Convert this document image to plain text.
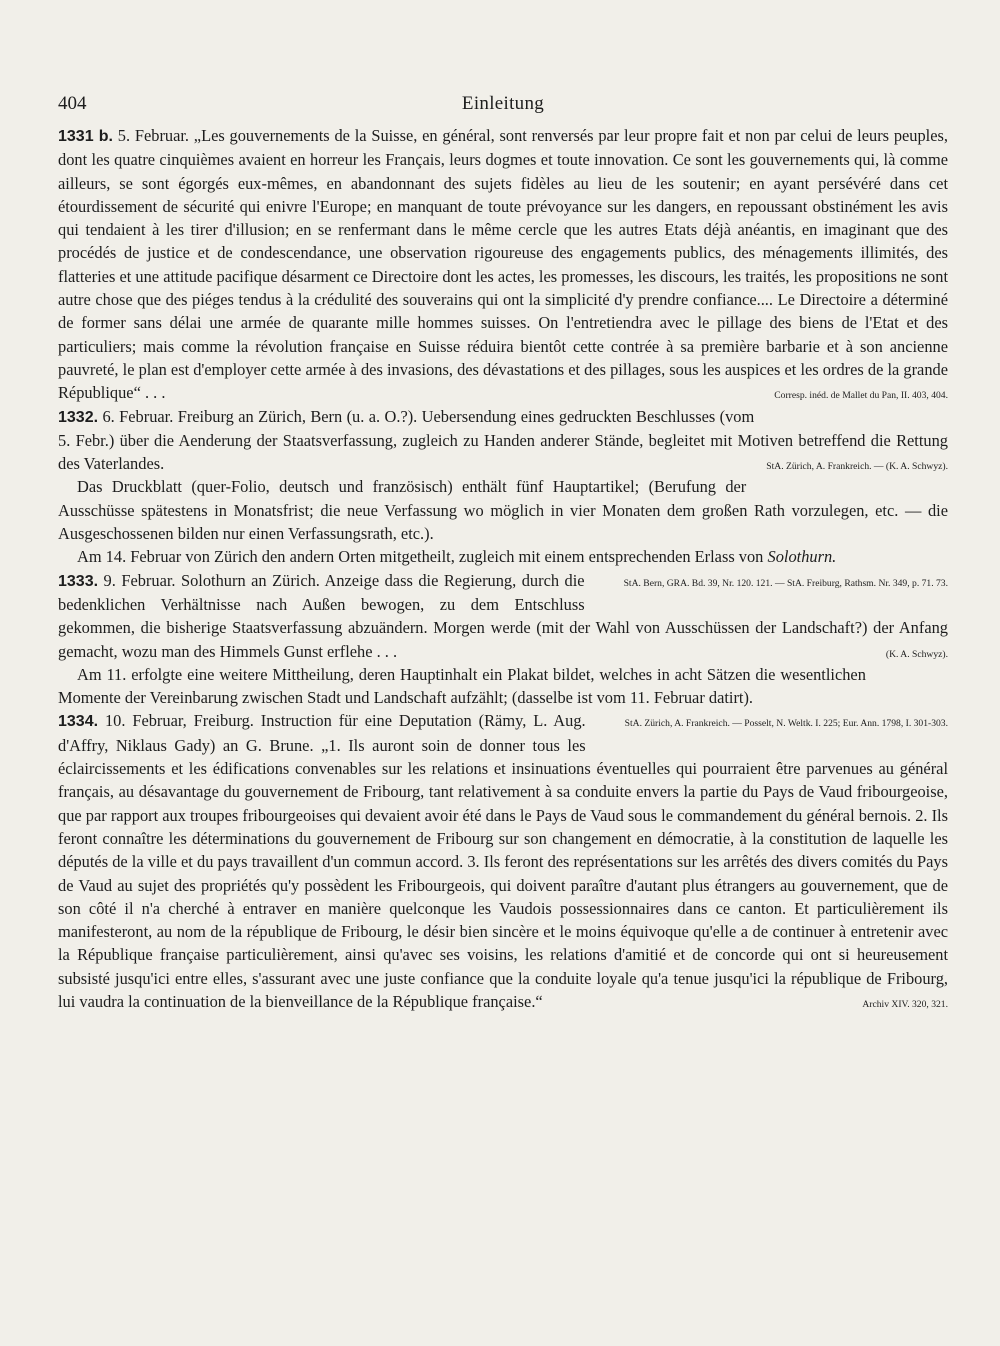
404	Einleitung

1331 b. 5. Februar. „Les gouvernements de la Suisse, en général, sont renversés par leur propre fait et non par celui de leurs peuples, dont les quatre cinquièmes avaient en horreur les Français, leurs dogmes et toute innovation. Ce sont les gouvernements qui, là comme ailleurs, se sont égorgés eux-mêmes, en abandonnant des sujets fidèles au lieu de les soutenir; en ayant persévéré dans cet étourdissement de sécurité qui enivre l'Europe; en manquant de toute prévoyance sur les dangers, en repoussant obstinément les avis qui tendaient à les tirer d'illusion; en se renfermant dans le même cercle que les autres Etats déjà anéantis, en imaginant que des procédés de justice et de condescendance, une observation rigoureuse des engagements publics, des ménagements illimités, des flatteries et une attitude pacifique désarment ce Directoire dont les actes, les promesses, les discours, les traités, les propositions ne sont autre chose que des piéges tendus à la crédulité des souverains qui ont la simplicité d'y prendre confiance.... Le Directoire a déterminé de former sans délai une armée de quarante mille hommes suisses. On l'entretiendra avec le pillage des biens de l'Etat et des particuliers; mais comme la révolution française en Suisse réduira bientôt cette contrée à sa première barbarie et à son ancienne pauvreté, le plan est d'employer cette armée à des invasions, des dévastations et des pillages, sous les auspices et les ordres de la grande République“ . . .	Corresp. inéd. de Mallet du Pan, II. 403, 404.

1332. 6. Februar. Freiburg an Zürich, Bern (u. a. O.?). Uebersendung eines gedruckten Beschlusses (vom 5. Febr.) über die Aenderung der Staatsverfassung, zugleich zu Handen anderer Stände, begleitet mit Motiven betreffend die Rettung des Vaterlandes.	StA. Zürich, A. Frankreich. — (K. A. Schwyz).

Das Druckblatt (quer-Folio, deutsch und französisch) enthält fünf Hauptartikel; (Berufung der Ausschüsse spätestens in Monatsfrist; die neue Verfassung wo möglich in vier Monaten dem großen Rath vorzulegen, etc. — die Ausgeschossenen bilden nur einen Verfassungsrath, etc.).

Am 14. Februar von Zürich den andern Orten mitgetheilt, zugleich mit einem entsprechenden Erlass von Solothurn.
StA. Bern, GRA. Bd. 39, Nr. 120. 121. — StA. Freiburg, Rathsm. Nr. 349, p. 71. 73.

1333. 9. Februar. Solothurn an Zürich. Anzeige dass die Regierung, durch die bedenklichen Verhältnisse nach Außen bewogen, zu dem Entschluss gekommen, die bisherige Staatsverfassung abzuändern. Morgen werde (mit der Wahl von Ausschüssen der Landschaft?) der Anfang gemacht, wozu man des Himmels Gunst erflehe . . .	(K. A. Schwyz).

Am 11. erfolgte eine weitere Mittheilung, deren Hauptinhalt ein Plakat bildet, welches in acht Sätzen die wesentlichen Momente der Vereinbarung zwischen Stadt und Landschaft aufzählt; (dasselbe ist vom 11. Februar datirt).
StA. Zürich, A. Frankreich. — Posselt, N. Weltk. I. 225; Eur. Ann. 1798, I. 301-303.

1334. 10. Februar, Freiburg. Instruction für eine Deputation (Rämy, L. Aug. d'Affry, Niklaus Gady) an G. Brune. „1. Ils auront soin de donner tous les éclaircissements et les édifications convenables sur les relations et insinuations éventuelles qui pourraient être parvenues au général français, au désavantage du gouvernement de Fribourg, tant relativement à sa conduite envers la partie du Pays de Vaud fribourgeoise, que par rapport aux troupes fribourgeoises qui devaient avoir été dans le Pays de Vaud sous le commandement du général bernois. 2. Ils feront connaître les déterminations du gouvernement de Fribourg sur son changement en démocratie, à la constitution de laquelle les députés de la ville et du pays travaillent d'un commun accord. 3. Ils feront des représentations sur les arrêtés des divers comités du Pays de Vaud au sujet des propriétés qu'y possèdent les Fribourgeois, qui doivent paraître d'autant plus étrangers au gouvernement, que de son côté il n'a cherché à entraver en manière quelconque les Vaudois possessionnaires dans ce canton. Et particulièrement ils manifesteront, au nom de la république de Fribourg, le désir bien sincère et le moins équivoque qu'elle a de continuer à entretenir avec la République française particulièrement, ainsi qu'avec ses voisins, les relations d'amitié et de concorde qui ont si heureusement subsisté jusqu'ici entre elles, s'assurant avec une juste confiance que la conduite loyale qu'a tenue jusqu'ici la république de Fribourg, lui vaudra la continuation de la bienveillance de la République française.“	Archiv XIV. 320, 321.
